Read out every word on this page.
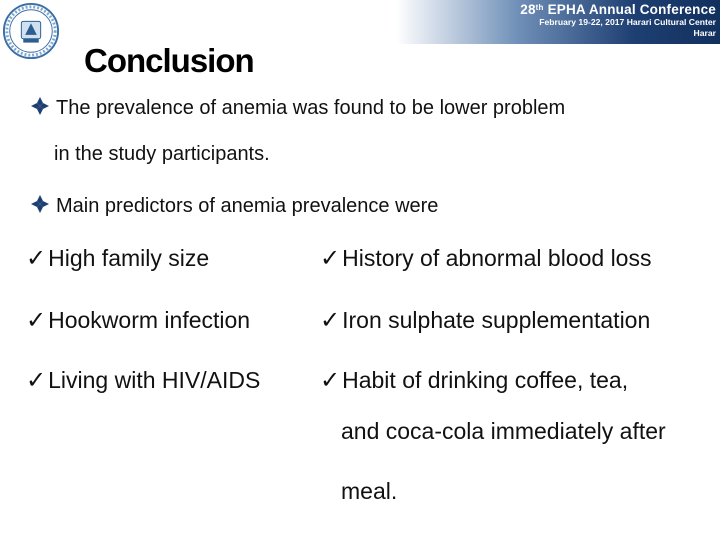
28th EPHA Annual Conference
February 19-22, 2017 Harari Cultural Center
Harar
Conclusion
The prevalence of anemia was found to be lower problem
in the study participants.
Main predictors of anemia prevalence were
✓High family size
✓Hookworm infection
✓Living with HIV/AIDS
✓History of abnormal blood loss
✓Iron sulphate supplementation
✓Habit of drinking coffee, tea,
and coca-cola immediately after
meal.
